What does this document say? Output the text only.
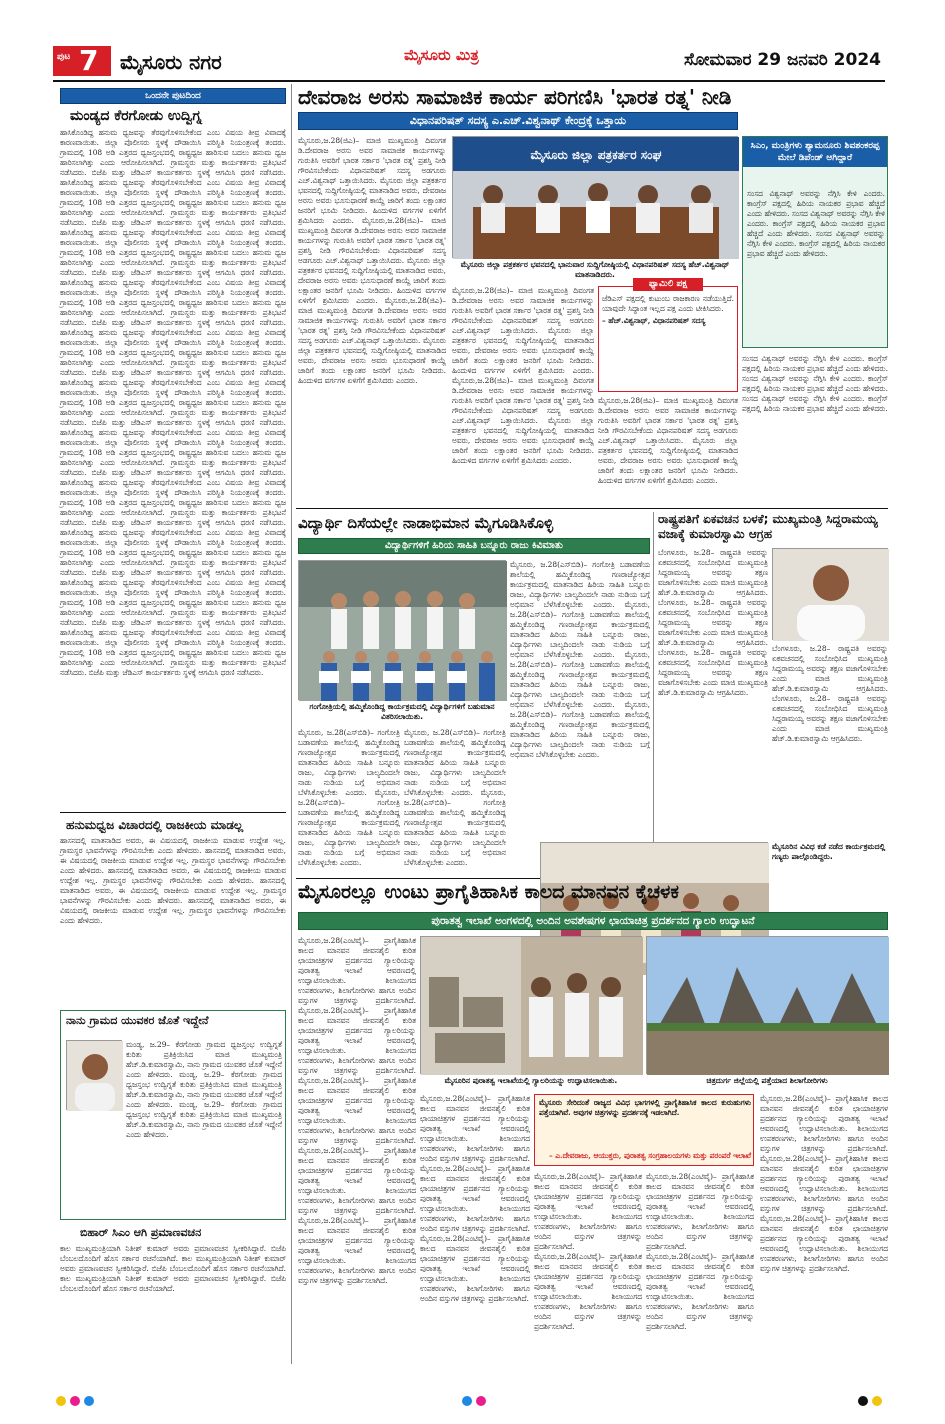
ಪುಟ 7 ಮೈಸೂರು ನಗರ	ಮೈಸೂರು ಮಿತ್ರ	ಸೋಮವಾರ 29 ಜನವರಿ 2024
ಒಂದನೇ ಪುಟದಿಂದ
ಮಂಡ್ಯದ ಕೆರಗೋಡು ಉದ್ವಿಗ್ನ
ಹಾಸಿಕೊಂಡಿದ್ದ ಹನುಮ ಧ್ವಜವನ್ನು ತೆರವುಗೊಳಿಸಬೇಕೆಂದ ಎಂಬ ವಿಷಯ ತೀವ್ರ ವಿವಾದಕ್ಕೆ ಕಾರಣವಾಯಿತು. ಜಿಲ್ಲಾ ಪೊಲೀಸರು ಸ್ಥಳಕ್ಕೆ ದೌಡಾಯಿಸಿ ಪರಿಸ್ಥಿತಿ ನಿಯಂತ್ರಣಕ್ಕೆ ತಂದರು. ಗ್ರಾಮದಲ್ಲಿ 108 ಅಡಿ ಎತ್ತರದ ಧ್ವಜಸ್ತಂಭದಲ್ಲಿ ರಾಷ್ಟ್ರಧ್ವಜ ಹಾರಿಸುವ ಬದಲು ಹನುಮ ಧ್ವಜ ಹಾರಿಸಲಾಗಿತ್ತು ಎಂದು ಆರೋಪಿಸಲಾಗಿದೆ. ಗ್ರಾಮಸ್ಥರು ಮತ್ತು ಕಾರ್ಯಕರ್ತರು ಪ್ರತಿಭಟನೆ ನಡೆಸಿದರು. ಬಿಜೆಪಿ ಮತ್ತು ಜೆಡಿಎಸ್ ಕಾರ್ಯಕರ್ತರು ಸ್ಥಳಕ್ಕೆ ಆಗಮಿಸಿ ಧರಣಿ ನಡೆಸಿದರು. ಹಾಸಿಕೊಂಡಿದ್ದ ಹನುಮ ಧ್ವಜವನ್ನು ತೆರವುಗೊಳಿಸಬೇಕೆಂದ ಎಂಬ ವಿಷಯ ತೀವ್ರ ವಿವಾದಕ್ಕೆ ಕಾರಣವಾಯಿತು. ಜಿಲ್ಲಾ ಪೊಲೀಸರು ಸ್ಥಳಕ್ಕೆ ದೌಡಾಯಿಸಿ ಪರಿಸ್ಥಿತಿ ನಿಯಂತ್ರಣಕ್ಕೆ ತಂದರು. ಗ್ರಾಮದಲ್ಲಿ 108 ಅಡಿ ಎತ್ತರದ ಧ್ವಜಸ್ತಂಭದಲ್ಲಿ ರಾಷ್ಟ್ರಧ್ವಜ ಹಾರಿಸುವ ಬದಲು ಹನುಮ ಧ್ವಜ ಹಾರಿಸಲಾಗಿತ್ತು ಎಂದು ಆರೋಪಿಸಲಾಗಿದೆ. ಗ್ರಾಮಸ್ಥರು ಮತ್ತು ಕಾರ್ಯಕರ್ತರು ಪ್ರತಿಭಟನೆ ನಡೆಸಿದರು. ಬಿಜೆಪಿ ಮತ್ತು ಜೆಡಿಎಸ್ ಕಾರ್ಯಕರ್ತರು ಸ್ಥಳಕ್ಕೆ ಆಗಮಿಸಿ ಧರಣಿ ನಡೆಸಿದರು. ಹಾಸಿಕೊಂಡಿದ್ದ ಹನುಮ ಧ್ವಜವನ್ನು ತೆರವುಗೊಳಿಸಬೇಕೆಂದ ಎಂಬ ವಿಷಯ ತೀವ್ರ ವಿವಾದಕ್ಕೆ ಕಾರಣವಾಯಿತು. ಜಿಲ್ಲಾ ಪೊಲೀಸರು ಸ್ಥಳಕ್ಕೆ ದೌಡಾಯಿಸಿ ಪರಿಸ್ಥಿತಿ ನಿಯಂತ್ರಣಕ್ಕೆ ತಂದರು. ಗ್ರಾಮದಲ್ಲಿ 108 ಅಡಿ ಎತ್ತರದ ಧ್ವಜಸ್ತಂಭದಲ್ಲಿ ರಾಷ್ಟ್ರಧ್ವಜ ಹಾರಿಸುವ ಬದಲು ಹನುಮ ಧ್ವಜ ಹಾರಿಸಲಾಗಿತ್ತು ಎಂದು ಆರೋಪಿಸಲಾಗಿದೆ. ಗ್ರಾಮಸ್ಥರು ಮತ್ತು ಕಾರ್ಯಕರ್ತರು ಪ್ರತಿಭಟನೆ ನಡೆಸಿದರು. ಬಿಜೆಪಿ ಮತ್ತು ಜೆಡಿಎಸ್ ಕಾರ್ಯಕರ್ತರು ಸ್ಥಳಕ್ಕೆ ಆಗಮಿಸಿ ಧರಣಿ ನಡೆಸಿದರು. ಹಾಸಿಕೊಂಡಿದ್ದ ಹನುಮ ಧ್ವಜವನ್ನು ತೆರವುಗೊಳಿಸಬೇಕೆಂದ ಎಂಬ ವಿಷಯ ತೀವ್ರ ವಿವಾದಕ್ಕೆ ಕಾರಣವಾಯಿತು. ಜಿಲ್ಲಾ ಪೊಲೀಸರು ಸ್ಥಳಕ್ಕೆ ದೌಡಾಯಿಸಿ ಪರಿಸ್ಥಿತಿ ನಿಯಂತ್ರಣಕ್ಕೆ ತಂದರು. ಗ್ರಾಮದಲ್ಲಿ 108 ಅಡಿ ಎತ್ತರದ ಧ್ವಜಸ್ತಂಭದಲ್ಲಿ ರಾಷ್ಟ್ರಧ್ವಜ ಹಾರಿಸುವ ಬದಲು ಹನುಮ ಧ್ವಜ ಹಾರಿಸಲಾಗಿತ್ತು ಎಂದು ಆರೋಪಿಸಲಾಗಿದೆ. ಗ್ರಾಮಸ್ಥರು ಮತ್ತು ಕಾರ್ಯಕರ್ತರು ಪ್ರತಿಭಟನೆ ನಡೆಸಿದರು. ಬಿಜೆಪಿ ಮತ್ತು ಜೆಡಿಎಸ್ ಕಾರ್ಯಕರ್ತರು ಸ್ಥಳಕ್ಕೆ ಆಗಮಿಸಿ ಧರಣಿ ನಡೆಸಿದರು. ಹಾಸಿಕೊಂಡಿದ್ದ ಹನುಮ ಧ್ವಜವನ್ನು ತೆರವುಗೊಳಿಸಬೇಕೆಂದ ಎಂಬ ವಿಷಯ ತೀವ್ರ ವಿವಾದಕ್ಕೆ ಕಾರಣವಾಯಿತು. ಜಿಲ್ಲಾ ಪೊಲೀಸರು ಸ್ಥಳಕ್ಕೆ ದೌಡಾಯಿಸಿ ಪರಿಸ್ಥಿತಿ ನಿಯಂತ್ರಣಕ್ಕೆ ತಂದರು. ಗ್ರಾಮದಲ್ಲಿ 108 ಅಡಿ ಎತ್ತರದ ಧ್ವಜಸ್ತಂಭದಲ್ಲಿ ರಾಷ್ಟ್ರಧ್ವಜ ಹಾರಿಸುವ ಬದಲು ಹನುಮ ಧ್ವಜ ಹಾರಿಸಲಾಗಿತ್ತು ಎಂದು ಆರೋಪಿಸಲಾಗಿದೆ. ಗ್ರಾಮಸ್ಥರು ಮತ್ತು ಕಾರ್ಯಕರ್ತರು ಪ್ರತಿಭಟನೆ ನಡೆಸಿದರು. ಬಿಜೆಪಿ ಮತ್ತು ಜೆಡಿಎಸ್ ಕಾರ್ಯಕರ್ತರು ಸ್ಥಳಕ್ಕೆ ಆಗಮಿಸಿ ಧರಣಿ ನಡೆಸಿದರು. ಹಾಸಿಕೊಂಡಿದ್ದ ಹನುಮ ಧ್ವಜವನ್ನು ತೆರವುಗೊಳಿಸಬೇಕೆಂದ ಎಂಬ ವಿಷಯ ತೀವ್ರ ವಿವಾದಕ್ಕೆ ಕಾರಣವಾಯಿತು. ಜಿಲ್ಲಾ ಪೊಲೀಸರು ಸ್ಥಳಕ್ಕೆ ದೌಡಾಯಿಸಿ ಪರಿಸ್ಥಿತಿ ನಿಯಂತ್ರಣಕ್ಕೆ ತಂದರು. ಗ್ರಾಮದಲ್ಲಿ 108 ಅಡಿ ಎತ್ತರದ ಧ್ವಜಸ್ತಂಭದಲ್ಲಿ ರಾಷ್ಟ್ರಧ್ವಜ ಹಾರಿಸುವ ಬದಲು ಹನುಮ ಧ್ವಜ ಹಾರಿಸಲಾಗಿತ್ತು ಎಂದು ಆರೋಪಿಸಲಾಗಿದೆ. ಗ್ರಾಮಸ್ಥರು ಮತ್ತು ಕಾರ್ಯಕರ್ತರು ಪ್ರತಿಭಟನೆ ನಡೆಸಿದರು. ಬಿಜೆಪಿ ಮತ್ತು ಜೆಡಿಎಸ್ ಕಾರ್ಯಕರ್ತರು ಸ್ಥಳಕ್ಕೆ ಆಗಮಿಸಿ ಧರಣಿ ನಡೆಸಿದರು. ಹಾಸಿಕೊಂಡಿದ್ದ ಹನುಮ ಧ್ವಜವನ್ನು ತೆರವುಗೊಳಿಸಬೇಕೆಂದ ಎಂಬ ವಿಷಯ ತೀವ್ರ ವಿವಾದಕ್ಕೆ ಕಾರಣವಾಯಿತು. ಜಿಲ್ಲಾ ಪೊಲೀಸರು ಸ್ಥಳಕ್ಕೆ ದೌಡಾಯಿಸಿ ಪರಿಸ್ಥಿತಿ ನಿಯಂತ್ರಣಕ್ಕೆ ತಂದರು. ಗ್ರಾಮದಲ್ಲಿ 108 ಅಡಿ ಎತ್ತರದ ಧ್ವಜಸ್ತಂಭದಲ್ಲಿ ರಾಷ್ಟ್ರಧ್ವಜ ಹಾರಿಸುವ ಬದಲು ಹನುಮ ಧ್ವಜ ಹಾರಿಸಲಾಗಿತ್ತು ಎಂದು ಆರೋಪಿಸಲಾಗಿದೆ. ಗ್ರಾಮಸ್ಥರು ಮತ್ತು ಕಾರ್ಯಕರ್ತರು ಪ್ರತಿಭಟನೆ ನಡೆಸಿದರು. ಬಿಜೆಪಿ ಮತ್ತು ಜೆಡಿಎಸ್ ಕಾರ್ಯಕರ್ತರು ಸ್ಥಳಕ್ಕೆ ಆಗಮಿಸಿ ಧರಣಿ ನಡೆಸಿದರು. ಹಾಸಿಕೊಂಡಿದ್ದ ಹನುಮ ಧ್ವಜವನ್ನು ತೆರವುಗೊಳಿಸಬೇಕೆಂದ ಎಂಬ ವಿಷಯ ತೀವ್ರ ವಿವಾದಕ್ಕೆ ಕಾರಣವಾಯಿತು. ಜಿಲ್ಲಾ ಪೊಲೀಸರು ಸ್ಥಳಕ್ಕೆ ದೌಡಾಯಿಸಿ ಪರಿಸ್ಥಿತಿ ನಿಯಂತ್ರಣಕ್ಕೆ ತಂದರು. ಗ್ರಾಮದಲ್ಲಿ 108 ಅಡಿ ಎತ್ತರದ ಧ್ವಜಸ್ತಂಭದಲ್ಲಿ ರಾಷ್ಟ್ರಧ್ವಜ ಹಾರಿಸುವ ಬದಲು ಹನುಮ ಧ್ವಜ ಹಾರಿಸಲಾಗಿತ್ತು ಎಂದು ಆರೋಪಿಸಲಾಗಿದೆ. ಗ್ರಾಮಸ್ಥರು ಮತ್ತು ಕಾರ್ಯಕರ್ತರು ಪ್ರತಿಭಟನೆ ನಡೆಸಿದರು. ಬಿಜೆಪಿ ಮತ್ತು ಜೆಡಿಎಸ್ ಕಾರ್ಯಕರ್ತರು ಸ್ಥಳಕ್ಕೆ ಆಗಮಿಸಿ ಧರಣಿ ನಡೆಸಿದರು. ಹಾಸಿಕೊಂಡಿದ್ದ ಹನುಮ ಧ್ವಜವನ್ನು ತೆರವುಗೊಳಿಸಬೇಕೆಂದ ಎಂಬ ವಿಷಯ ತೀವ್ರ ವಿವಾದಕ್ಕೆ ಕಾರಣವಾಯಿತು. ಜಿಲ್ಲಾ ಪೊಲೀಸರು ಸ್ಥಳಕ್ಕೆ ದೌಡಾಯಿಸಿ ಪರಿಸ್ಥಿತಿ ನಿಯಂತ್ರಣಕ್ಕೆ ತಂದರು. ಗ್ರಾಮದಲ್ಲಿ 108 ಅಡಿ ಎತ್ತರದ ಧ್ವಜಸ್ತಂಭದಲ್ಲಿ ರಾಷ್ಟ್ರಧ್ವಜ ಹಾರಿಸುವ ಬದಲು ಹನುಮ ಧ್ವಜ ಹಾರಿಸಲಾಗಿತ್ತು ಎಂದು ಆರೋಪಿಸಲಾಗಿದೆ. ಗ್ರಾಮಸ್ಥರು ಮತ್ತು ಕಾರ್ಯಕರ್ತರು ಪ್ರತಿಭಟನೆ ನಡೆಸಿದರು. ಬಿಜೆಪಿ ಮತ್ತು ಜೆಡಿಎಸ್ ಕಾರ್ಯಕರ್ತರು ಸ್ಥಳಕ್ಕೆ ಆಗಮಿಸಿ ಧರಣಿ ನಡೆಸಿದರು. ಹಾಸಿಕೊಂಡಿದ್ದ ಹನುಮ ಧ್ವಜವನ್ನು ತೆರವುಗೊಳಿಸಬೇಕೆಂದ ಎಂಬ ವಿಷಯ ತೀವ್ರ ವಿವಾದಕ್ಕೆ ಕಾರಣವಾಯಿತು. ಜಿಲ್ಲಾ ಪೊಲೀಸರು ಸ್ಥಳಕ್ಕೆ ದೌಡಾಯಿಸಿ ಪರಿಸ್ಥಿತಿ ನಿಯಂತ್ರಣಕ್ಕೆ ತಂದರು. ಗ್ರಾಮದಲ್ಲಿ 108 ಅಡಿ ಎತ್ತರದ ಧ್ವಜಸ್ತಂಭದಲ್ಲಿ ರಾಷ್ಟ್ರಧ್ವಜ ಹಾರಿಸುವ ಬದಲು ಹನುಮ ಧ್ವಜ ಹಾರಿಸಲಾಗಿತ್ತು ಎಂದು ಆರೋಪಿಸಲಾಗಿದೆ. ಗ್ರಾಮಸ್ಥರು ಮತ್ತು ಕಾರ್ಯಕರ್ತರು ಪ್ರತಿಭಟನೆ ನಡೆಸಿದರು. ಬಿಜೆಪಿ ಮತ್ತು ಜೆಡಿಎಸ್ ಕಾರ್ಯಕರ್ತರು ಸ್ಥಳಕ್ಕೆ ಆಗಮಿಸಿ ಧರಣಿ ನಡೆಸಿದರು. ಹಾಸಿಕೊಂಡಿದ್ದ ಹನುಮ ಧ್ವಜವನ್ನು ತೆರವುಗೊಳಿಸಬೇಕೆಂದ ಎಂಬ ವಿಷಯ ತೀವ್ರ ವಿವಾದಕ್ಕೆ ಕಾರಣವಾಯಿತು. ಜಿಲ್ಲಾ ಪೊಲೀಸರು ಸ್ಥಳಕ್ಕೆ ದೌಡಾಯಿಸಿ ಪರಿಸ್ಥಿತಿ ನಿಯಂತ್ರಣಕ್ಕೆ ತಂದರು. ಗ್ರಾಮದಲ್ಲಿ 108 ಅಡಿ ಎತ್ತರದ ಧ್ವಜಸ್ತಂಭದಲ್ಲಿ ರಾಷ್ಟ್ರಧ್ವಜ ಹಾರಿಸುವ ಬದಲು ಹನುಮ ಧ್ವಜ ಹಾರಿಸಲಾಗಿತ್ತು ಎಂದು ಆರೋಪಿಸಲಾಗಿದೆ. ಗ್ರಾಮಸ್ಥರು ಮತ್ತು ಕಾರ್ಯಕರ್ತರು ಪ್ರತಿಭಟನೆ ನಡೆಸಿದರು. ಬಿಜೆಪಿ ಮತ್ತು ಜೆಡಿಎಸ್ ಕಾರ್ಯಕರ್ತರು ಸ್ಥಳಕ್ಕೆ ಆಗಮಿಸಿ ಧರಣಿ ನಡೆಸಿದರು.
ಹನುಮಧ್ವಜ ವಿಚಾರದಲ್ಲಿ ರಾಜಕೀಯ ಮಾಡಲ್ಲ
ಹಾಸನದಲ್ಲಿ ಮಾತನಾಡಿದ ಅವರು, ಈ ವಿಷಯದಲ್ಲಿ ರಾಜಕೀಯ ಮಾಡುವ ಉದ್ದೇಶ ಇಲ್ಲ. ಗ್ರಾಮಸ್ಥರ ಭಾವನೆಗಳನ್ನು ಗೌರವಿಸಬೇಕು ಎಂದು ಹೇಳಿದರು. ಹಾಸನದಲ್ಲಿ ಮಾತನಾಡಿದ ಅವರು, ಈ ವಿಷಯದಲ್ಲಿ ರಾಜಕೀಯ ಮಾಡುವ ಉದ್ದೇಶ ಇಲ್ಲ. ಗ್ರಾಮಸ್ಥರ ಭಾವನೆಗಳನ್ನು ಗೌರವಿಸಬೇಕು ಎಂದು ಹೇಳಿದರು. ಹಾಸನದಲ್ಲಿ ಮಾತನಾಡಿದ ಅವರು, ಈ ವಿಷಯದಲ್ಲಿ ರಾಜಕೀಯ ಮಾಡುವ ಉದ್ದೇಶ ಇಲ್ಲ. ಗ್ರಾಮಸ್ಥರ ಭಾವನೆಗಳನ್ನು ಗೌರವಿಸಬೇಕು ಎಂದು ಹೇಳಿದರು. ಹಾಸನದಲ್ಲಿ ಮಾತನಾಡಿದ ಅವರು, ಈ ವಿಷಯದಲ್ಲಿ ರಾಜಕೀಯ ಮಾಡುವ ಉದ್ದೇಶ ಇಲ್ಲ. ಗ್ರಾಮಸ್ಥರ ಭಾವನೆಗಳನ್ನು ಗೌರವಿಸಬೇಕು ಎಂದು ಹೇಳಿದರು. ಹಾಸನದಲ್ಲಿ ಮಾತನಾಡಿದ ಅವರು, ಈ ವಿಷಯದಲ್ಲಿ ರಾಜಕೀಯ ಮಾಡುವ ಉದ್ದೇಶ ಇಲ್ಲ. ಗ್ರಾಮಸ್ಥರ ಭಾವನೆಗಳನ್ನು ಗೌರವಿಸಬೇಕು ಎಂದು ಹೇಳಿದರು.
ನಾನು ಗ್ರಾಮದ ಯುವಕರ ಜೊತೆ ಇದ್ದೇನೆ
ಮಂಡ್ಯ, ಜ.29– ಕೆರಗೋಡು ಗ್ರಾಮದ ಧ್ವಜಸ್ತಂಭ ಉದ್ವಿಗ್ನತೆ ಕುರಿತು ಪ್ರತಿಕ್ರಿಯಿಸಿದ ಮಾಜಿ ಮುಖ್ಯಮಂತ್ರಿ ಹೆಚ್.ಡಿ.ಕುಮಾರಸ್ವಾಮಿ, ನಾನು ಗ್ರಾಮದ ಯುವಕರ ಜೊತೆ ಇದ್ದೇನೆ ಎಂದು ಹೇಳಿದರು. ಮಂಡ್ಯ, ಜ.29– ಕೆರಗೋಡು ಗ್ರಾಮದ ಧ್ವಜಸ್ತಂಭ ಉದ್ವಿಗ್ನತೆ ಕುರಿತು ಪ್ರತಿಕ್ರಿಯಿಸಿದ ಮಾಜಿ ಮುಖ್ಯಮಂತ್ರಿ ಹೆಚ್.ಡಿ.ಕುಮಾರಸ್ವಾಮಿ, ನಾನು ಗ್ರಾಮದ ಯುವಕರ ಜೊತೆ ಇದ್ದೇನೆ ಎಂದು ಹೇಳಿದರು. ಮಂಡ್ಯ, ಜ.29– ಕೆರಗೋಡು ಗ್ರಾಮದ ಧ್ವಜಸ್ತಂಭ ಉದ್ವಿಗ್ನತೆ ಕುರಿತು ಪ್ರತಿಕ್ರಿಯಿಸಿದ ಮಾಜಿ ಮುಖ್ಯಮಂತ್ರಿ ಹೆಚ್.ಡಿ.ಕುಮಾರಸ್ವಾಮಿ, ನಾನು ಗ್ರಾಮದ ಯುವಕರ ಜೊತೆ ಇದ್ದೇನೆ ಎಂದು ಹೇಳಿದರು.
ಬಿಹಾರ್ ಸಿಎಂ ಆಗಿ ಪ್ರಮಾಣವಚನ
ಕಾಲ ಮುಖ್ಯಮಂತ್ರಿಯಾಗಿ ನಿತೀಶ್ ಕುಮಾರ್ ಅವರು ಪ್ರಮಾಣವಚನ ಸ್ವೀಕರಿಸಿದ್ದಾರೆ. ಬಿಜೆಪಿ ಬೆಂಬಲದೊಂದಿಗೆ ಹೊಸ ಸರ್ಕಾರ ರಚನೆಯಾಗಿದೆ. ಕಾಲ ಮುಖ್ಯಮಂತ್ರಿಯಾಗಿ ನಿತೀಶ್ ಕುಮಾರ್ ಅವರು ಪ್ರಮಾಣವಚನ ಸ್ವೀಕರಿಸಿದ್ದಾರೆ. ಬಿಜೆಪಿ ಬೆಂಬಲದೊಂದಿಗೆ ಹೊಸ ಸರ್ಕಾರ ರಚನೆಯಾಗಿದೆ. ಕಾಲ ಮುಖ್ಯಮಂತ್ರಿಯಾಗಿ ನಿತೀಶ್ ಕುಮಾರ್ ಅವರು ಪ್ರಮಾಣವಚನ ಸ್ವೀಕರಿಸಿದ್ದಾರೆ. ಬಿಜೆಪಿ ಬೆಂಬಲದೊಂದಿಗೆ ಹೊಸ ಸರ್ಕಾರ ರಚನೆಯಾಗಿದೆ.
ದೇವರಾಜ ಅರಸು ಸಾಮಾಜಿಕ ಕಾರ್ಯ ಪರಿಗಣಿಸಿ 'ಭಾರತ ರತ್ನ' ನೀಡಿ
ವಿಧಾನಪರಿಷತ್ ಸದಸ್ಯ ಎ.ಎಚ್.ವಿಶ್ವನಾಥ್ ಕೇಂದ್ರಕ್ಕೆ ಒತ್ತಾಯ
ಮೈಸೂರು,ಜ.28(ಜಿಎ)– ಮಾಜಿ ಮುಖ್ಯಮಂತ್ರಿ ದಿವಂಗತ ಡಿ.ದೇವರಾಜ ಅರಸು ಅವರ ಸಾಮಾಜಿಕ ಕಾರ್ಯಗಳನ್ನು ಗುರುತಿಸಿ ಅವರಿಗೆ ಭಾರತ ಸರ್ಕಾರ 'ಭಾರತ ರತ್ನ' ಪ್ರಶಸ್ತಿ ನೀಡಿ ಗೌರವಿಸಬೇಕೆಂದು ವಿಧಾನಪರಿಷತ್ ಸದಸ್ಯ ಅಡಗೂರು ಎಚ್.ವಿಶ್ವನಾಥ್ ಒತ್ತಾಯಿಸಿದರು. ಮೈಸೂರು ಜಿಲ್ಲಾ ಪತ್ರಕರ್ತರ ಭವನದಲ್ಲಿ ಸುದ್ದಿಗೋಷ್ಠಿಯಲ್ಲಿ ಮಾತನಾಡಿದ ಅವರು, ದೇವರಾಜ ಅರಸು ಅವರು ಭೂಸುಧಾರಣೆ ಕಾಯ್ದೆ ಜಾರಿಗೆ ತಂದು ಲಕ್ಷಾಂತರ ಜನರಿಗೆ ಭೂಮಿ ನೀಡಿದರು. ಹಿಂದುಳಿದ ವರ್ಗಗಳ ಏಳಿಗೆಗೆ ಶ್ರಮಿಸಿದರು ಎಂದರು. ಮೈಸೂರು,ಜ.28(ಜಿಎ)– ಮಾಜಿ ಮುಖ್ಯಮಂತ್ರಿ ದಿವಂಗತ ಡಿ.ದೇವರಾಜ ಅರಸು ಅವರ ಸಾಮಾಜಿಕ ಕಾರ್ಯಗಳನ್ನು ಗುರುತಿಸಿ ಅವರಿಗೆ ಭಾರತ ಸರ್ಕಾರ 'ಭಾರತ ರತ್ನ' ಪ್ರಶಸ್ತಿ ನೀಡಿ ಗೌರವಿಸಬೇಕೆಂದು ವಿಧಾನಪರಿಷತ್ ಸದಸ್ಯ ಅಡಗೂರು ಎಚ್.ವಿಶ್ವನಾಥ್ ಒತ್ತಾಯಿಸಿದರು. ಮೈಸೂರು ಜಿಲ್ಲಾ ಪತ್ರಕರ್ತರ ಭವನದಲ್ಲಿ ಸುದ್ದಿಗೋಷ್ಠಿಯಲ್ಲಿ ಮಾತನಾಡಿದ ಅವರು, ದೇವರಾಜ ಅರಸು ಅವರು ಭೂಸುಧಾರಣೆ ಕಾಯ್ದೆ ಜಾರಿಗೆ ತಂದು ಲಕ್ಷಾಂತರ ಜನರಿಗೆ ಭೂಮಿ ನೀಡಿದರು. ಹಿಂದುಳಿದ ವರ್ಗಗಳ ಏಳಿಗೆಗೆ ಶ್ರಮಿಸಿದರು ಎಂದರು. ಮೈಸೂರು,ಜ.28(ಜಿಎ)– ಮಾಜಿ ಮುಖ್ಯಮಂತ್ರಿ ದಿವಂಗತ ಡಿ.ದೇವರಾಜ ಅರಸು ಅವರ ಸಾಮಾಜಿಕ ಕಾರ್ಯಗಳನ್ನು ಗುರುತಿಸಿ ಅವರಿಗೆ ಭಾರತ ಸರ್ಕಾರ 'ಭಾರತ ರತ್ನ' ಪ್ರಶಸ್ತಿ ನೀಡಿ ಗೌರವಿಸಬೇಕೆಂದು ವಿಧಾನಪರಿಷತ್ ಸದಸ್ಯ ಅಡಗೂರು ಎಚ್.ವಿಶ್ವನಾಥ್ ಒತ್ತಾಯಿಸಿದರು. ಮೈಸೂರು ಜಿಲ್ಲಾ ಪತ್ರಕರ್ತರ ಭವನದಲ್ಲಿ ಸುದ್ದಿಗೋಷ್ಠಿಯಲ್ಲಿ ಮಾತನಾಡಿದ ಅವರು, ದೇವರಾಜ ಅರಸು ಅವರು ಭೂಸುಧಾರಣೆ ಕಾಯ್ದೆ ಜಾರಿಗೆ ತಂದು ಲಕ್ಷಾಂತರ ಜನರಿಗೆ ಭೂಮಿ ನೀಡಿದರು. ಹಿಂದುಳಿದ ವರ್ಗಗಳ ಏಳಿಗೆಗೆ ಶ್ರಮಿಸಿದರು ಎಂದರು.
ಮೈಸೂರು ಜಿಲ್ಲಾ ಪತ್ರಕರ್ತರ ಸಂಘ
ಮೈಸೂರು ಜಿಲ್ಲಾ ಪತ್ರಕರ್ತರ ಭವನದಲ್ಲಿ ಭಾನುವಾರ ಸುದ್ದಿಗೋಷ್ಠಿಯಲ್ಲಿ ವಿಧಾನಪರಿಷತ್ ಸದಸ್ಯ ಹೆಚ್.ವಿಶ್ವನಾಥ್ ಮಾತನಾಡಿದರು.
ಮೈಸೂರು,ಜ.28(ಜಿಎ)– ಮಾಜಿ ಮುಖ್ಯಮಂತ್ರಿ ದಿವಂಗತ ಡಿ.ದೇವರಾಜ ಅರಸು ಅವರ ಸಾಮಾಜಿಕ ಕಾರ್ಯಗಳನ್ನು ಗುರುತಿಸಿ ಅವರಿಗೆ ಭಾರತ ಸರ್ಕಾರ 'ಭಾರತ ರತ್ನ' ಪ್ರಶಸ್ತಿ ನೀಡಿ ಗೌರವಿಸಬೇಕೆಂದು ವಿಧಾನಪರಿಷತ್ ಸದಸ್ಯ ಅಡಗೂರು ಎಚ್.ವಿಶ್ವನಾಥ್ ಒತ್ತಾಯಿಸಿದರು. ಮೈಸೂರು ಜಿಲ್ಲಾ ಪತ್ರಕರ್ತರ ಭವನದಲ್ಲಿ ಸುದ್ದಿಗೋಷ್ಠಿಯಲ್ಲಿ ಮಾತನಾಡಿದ ಅವರು, ದೇವರಾಜ ಅರಸು ಅವರು ಭೂಸುಧಾರಣೆ ಕಾಯ್ದೆ ಜಾರಿಗೆ ತಂದು ಲಕ್ಷಾಂತರ ಜನರಿಗೆ ಭೂಮಿ ನೀಡಿದರು. ಹಿಂದುಳಿದ ವರ್ಗಗಳ ಏಳಿಗೆಗೆ ಶ್ರಮಿಸಿದರು ಎಂದರು. ಮೈಸೂರು,ಜ.28(ಜಿಎ)– ಮಾಜಿ ಮುಖ್ಯಮಂತ್ರಿ ದಿವಂಗತ ಡಿ.ದೇವರಾಜ ಅರಸು ಅವರ ಸಾಮಾಜಿಕ ಕಾರ್ಯಗಳನ್ನು ಗುರುತಿಸಿ ಅವರಿಗೆ ಭಾರತ ಸರ್ಕಾರ 'ಭಾರತ ರತ್ನ' ಪ್ರಶಸ್ತಿ ನೀಡಿ ಗೌರವಿಸಬೇಕೆಂದು ವಿಧಾನಪರಿಷತ್ ಸದಸ್ಯ ಅಡಗೂರು ಎಚ್.ವಿಶ್ವನಾಥ್ ಒತ್ತಾಯಿಸಿದರು. ಮೈಸೂರು ಜಿಲ್ಲಾ ಪತ್ರಕರ್ತರ ಭವನದಲ್ಲಿ ಸುದ್ದಿಗೋಷ್ಠಿಯಲ್ಲಿ ಮಾತನಾಡಿದ ಅವರು, ದೇವರಾಜ ಅರಸು ಅವರು ಭೂಸುಧಾರಣೆ ಕಾಯ್ದೆ ಜಾರಿಗೆ ತಂದು ಲಕ್ಷಾಂತರ ಜನರಿಗೆ ಭೂಮಿ ನೀಡಿದರು. ಹಿಂದುಳಿದ ವರ್ಗಗಳ ಏಳಿಗೆಗೆ ಶ್ರಮಿಸಿದರು ಎಂದರು.
ಫ್ಯಾಮಿಲಿ ಪಕ್ಷ
ಜೆಡಿಎಸ್ ಪಕ್ಷದಲ್ಲಿ ಕುಟುಂಬ ರಾಜಕಾರಣ ನಡೆಯುತ್ತಿದೆ. ಯಾವುದೇ ಸಿದ್ಧಾಂತ ಇಲ್ಲದ ಪಕ್ಷ ಎಂದು ಟೀಕಿಸಿದರು.
– ಹೆಚ್.ವಿಶ್ವನಾಥ್, ವಿಧಾನಪರಿಷತ್ ಸದಸ್ಯ
ಮೈಸೂರು,ಜ.28(ಜಿಎ)– ಮಾಜಿ ಮುಖ್ಯಮಂತ್ರಿ ದಿವಂಗತ ಡಿ.ದೇವರಾಜ ಅರಸು ಅವರ ಸಾಮಾಜಿಕ ಕಾರ್ಯಗಳನ್ನು ಗುರುತಿಸಿ ಅವರಿಗೆ ಭಾರತ ಸರ್ಕಾರ 'ಭಾರತ ರತ್ನ' ಪ್ರಶಸ್ತಿ ನೀಡಿ ಗೌರವಿಸಬೇಕೆಂದು ವಿಧಾನಪರಿಷತ್ ಸದಸ್ಯ ಅಡಗೂರು ಎಚ್.ವಿಶ್ವನಾಥ್ ಒತ್ತಾಯಿಸಿದರು. ಮೈಸೂರು ಜಿಲ್ಲಾ ಪತ್ರಕರ್ತರ ಭವನದಲ್ಲಿ ಸುದ್ದಿಗೋಷ್ಠಿಯಲ್ಲಿ ಮಾತನಾಡಿದ ಅವರು, ದೇವರಾಜ ಅರಸು ಅವರು ಭೂಸುಧಾರಣೆ ಕಾಯ್ದೆ ಜಾರಿಗೆ ತಂದು ಲಕ್ಷಾಂತರ ಜನರಿಗೆ ಭೂಮಿ ನೀಡಿದರು. ಹಿಂದುಳಿದ ವರ್ಗಗಳ ಏಳಿಗೆಗೆ ಶ್ರಮಿಸಿದರು ಎಂದರು.
ಸಿಎಂ, ಮಂತ್ರಿಗಳು ಶ್ಯಾಮನೂರು ಶಿವಶಂಕರಪ್ಪ ಮೇಲೆ ಡಿಪೆಂಡ್ ಆಗಿದ್ದಾರೆ
ಸಂಸದ ವಿಶ್ವನಾಥ್ ಅವರನ್ನು ನೆಗ್ಗಿಸಿ ಕೇಳಿ ಎಂದರು. ಕಾಂಗ್ರೆಸ್ ಪಕ್ಷದಲ್ಲಿ ಹಿರಿಯ ನಾಯಕರ ಪ್ರಭಾವ ಹೆಚ್ಚಿದೆ ಎಂದು ಹೇಳಿದರು. ಸಂಸದ ವಿಶ್ವನಾಥ್ ಅವರನ್ನು ನೆಗ್ಗಿಸಿ ಕೇಳಿ ಎಂದರು. ಕಾಂಗ್ರೆಸ್ ಪಕ್ಷದಲ್ಲಿ ಹಿರಿಯ ನಾಯಕರ ಪ್ರಭಾವ ಹೆಚ್ಚಿದೆ ಎಂದು ಹೇಳಿದರು. ಸಂಸದ ವಿಶ್ವನಾಥ್ ಅವರನ್ನು ನೆಗ್ಗಿಸಿ ಕೇಳಿ ಎಂದರು. ಕಾಂಗ್ರೆಸ್ ಪಕ್ಷದಲ್ಲಿ ಹಿರಿಯ ನಾಯಕರ ಪ್ರಭಾವ ಹೆಚ್ಚಿದೆ ಎಂದು ಹೇಳಿದರು.
ಸಂಸದ ವಿಶ್ವನಾಥ್ ಅವರನ್ನು ನೆಗ್ಗಿಸಿ ಕೇಳಿ ಎಂದರು. ಕಾಂಗ್ರೆಸ್ ಪಕ್ಷದಲ್ಲಿ ಹಿರಿಯ ನಾಯಕರ ಪ್ರಭಾವ ಹೆಚ್ಚಿದೆ ಎಂದು ಹೇಳಿದರು. ಸಂಸದ ವಿಶ್ವನಾಥ್ ಅವರನ್ನು ನೆಗ್ಗಿಸಿ ಕೇಳಿ ಎಂದರು. ಕಾಂಗ್ರೆಸ್ ಪಕ್ಷದಲ್ಲಿ ಹಿರಿಯ ನಾಯಕರ ಪ್ರಭಾವ ಹೆಚ್ಚಿದೆ ಎಂದು ಹೇಳಿದರು. ಸಂಸದ ವಿಶ್ವನಾಥ್ ಅವರನ್ನು ನೆಗ್ಗಿಸಿ ಕೇಳಿ ಎಂದರು. ಕಾಂಗ್ರೆಸ್ ಪಕ್ಷದಲ್ಲಿ ಹಿರಿಯ ನಾಯಕರ ಪ್ರಭಾವ ಹೆಚ್ಚಿದೆ ಎಂದು ಹೇಳಿದರು.
ವಿದ್ಯಾರ್ಥಿ ದಿಸೆಯಲ್ಲೇ ನಾಡಾಭಿಮಾನ ಮೈಗೂಡಿಸಿಕೊಳ್ಳಿ
ವಿದ್ಯಾರ್ಥಿಗಳಿಗೆ ಹಿರಿಯ ಸಾಹಿತಿ ಬನ್ನೂರು ರಾಜು ಕಿವಿಮಾತು
ಗಂಗೋತ್ರಿಯಲ್ಲಿ ಹಮ್ಮಿಕೊಂಡಿದ್ದ ಕಾರ್ಯಕ್ರಮದಲ್ಲಿ ವಿದ್ಯಾರ್ಥಿಗಳಿಗೆ ಬಹುಮಾನ ವಿತರಿಸಲಾಯಿತು.
ಮೈಸೂರು, ಜ.28(ಎಸ್‌ಬಿಡಿ)– ಗಂಗೋತ್ರಿ ಬಡಾವಣೆಯ ಶಾಲೆಯಲ್ಲಿ ಹಮ್ಮಿಕೊಂಡಿದ್ದ ಗಣರಾಜ್ಯೋತ್ಸವ ಕಾರ್ಯಕ್ರಮದಲ್ಲಿ ಮಾತನಾಡಿದ ಹಿರಿಯ ಸಾಹಿತಿ ಬನ್ನೂರು ರಾಜು, ವಿದ್ಯಾರ್ಥಿಗಳು ಬಾಲ್ಯದಿಂದಲೇ ನಾಡು ನುಡಿಯ ಬಗ್ಗೆ ಅಭಿಮಾನ ಬೆಳೆಸಿಕೊಳ್ಳಬೇಕು ಎಂದರು. ಮೈಸೂರು, ಜ.28(ಎಸ್‌ಬಿಡಿ)– ಗಂಗೋತ್ರಿ ಬಡಾವಣೆಯ ಶಾಲೆಯಲ್ಲಿ ಹಮ್ಮಿಕೊಂಡಿದ್ದ ಗಣರಾಜ್ಯೋತ್ಸವ ಕಾರ್ಯಕ್ರಮದಲ್ಲಿ ಮಾತನಾಡಿದ ಹಿರಿಯ ಸಾಹಿತಿ ಬನ್ನೂರು ರಾಜು, ವಿದ್ಯಾರ್ಥಿಗಳು ಬಾಲ್ಯದಿಂದಲೇ ನಾಡು ನುಡಿಯ ಬಗ್ಗೆ ಅಭಿಮಾನ ಬೆಳೆಸಿಕೊಳ್ಳಬೇಕು ಎಂದರು. ಮೈಸೂರು, ಜ.28(ಎಸ್‌ಬಿಡಿ)– ಗಂಗೋತ್ರಿ ಬಡಾವಣೆಯ ಶಾಲೆಯಲ್ಲಿ ಹಮ್ಮಿಕೊಂಡಿದ್ದ ಗಣರಾಜ್ಯೋತ್ಸವ ಕಾರ್ಯಕ್ರಮದಲ್ಲಿ ಮಾತನಾಡಿದ ಹಿರಿಯ ಸಾಹಿತಿ ಬನ್ನೂರು ರಾಜು, ವಿದ್ಯಾರ್ಥಿಗಳು ಬಾಲ್ಯದಿಂದಲೇ ನಾಡು ನುಡಿಯ ಬಗ್ಗೆ ಅಭಿಮಾನ ಬೆಳೆಸಿಕೊಳ್ಳಬೇಕು ಎಂದರು. ಮೈಸೂರು, ಜ.28(ಎಸ್‌ಬಿಡಿ)– ಗಂಗೋತ್ರಿ ಬಡಾವಣೆಯ ಶಾಲೆಯಲ್ಲಿ ಹಮ್ಮಿಕೊಂಡಿದ್ದ ಗಣರಾಜ್ಯೋತ್ಸವ ಕಾರ್ಯಕ್ರಮದಲ್ಲಿ ಮಾತನಾಡಿದ ಹಿರಿಯ ಸಾಹಿತಿ ಬನ್ನೂರು ರಾಜು, ವಿದ್ಯಾರ್ಥಿಗಳು ಬಾಲ್ಯದಿಂದಲೇ ನಾಡು ನುಡಿಯ ಬಗ್ಗೆ ಅಭಿಮಾನ ಬೆಳೆಸಿಕೊಳ್ಳಬೇಕು ಎಂದರು.
ಮೈಸೂರು, ಜ.28(ಎಸ್‌ಬಿಡಿ)– ಗಂಗೋತ್ರಿ ಬಡಾವಣೆಯ ಶಾಲೆಯಲ್ಲಿ ಹಮ್ಮಿಕೊಂಡಿದ್ದ ಗಣರಾಜ್ಯೋತ್ಸವ ಕಾರ್ಯಕ್ರಮದಲ್ಲಿ ಮಾತನಾಡಿದ ಹಿರಿಯ ಸಾಹಿತಿ ಬನ್ನೂರು ರಾಜು, ವಿದ್ಯಾರ್ಥಿಗಳು ಬಾಲ್ಯದಿಂದಲೇ ನಾಡು ನುಡಿಯ ಬಗ್ಗೆ ಅಭಿಮಾನ ಬೆಳೆಸಿಕೊಳ್ಳಬೇಕು ಎಂದರು. ಮೈಸೂರು, ಜ.28(ಎಸ್‌ಬಿಡಿ)– ಗಂಗೋತ್ರಿ ಬಡಾವಣೆಯ ಶಾಲೆಯಲ್ಲಿ ಹಮ್ಮಿಕೊಂಡಿದ್ದ ಗಣರಾಜ್ಯೋತ್ಸವ ಕಾರ್ಯಕ್ರಮದಲ್ಲಿ ಮಾತನಾಡಿದ ಹಿರಿಯ ಸಾಹಿತಿ ಬನ್ನೂರು ರಾಜು, ವಿದ್ಯಾರ್ಥಿಗಳು ಬಾಲ್ಯದಿಂದಲೇ ನಾಡು ನುಡಿಯ ಬಗ್ಗೆ ಅಭಿಮಾನ ಬೆಳೆಸಿಕೊಳ್ಳಬೇಕು ಎಂದರು.
ಮೈಸೂರು, ಜ.28(ಎಸ್‌ಬಿಡಿ)– ಗಂಗೋತ್ರಿ ಬಡಾವಣೆಯ ಶಾಲೆಯಲ್ಲಿ ಹಮ್ಮಿಕೊಂಡಿದ್ದ ಗಣರಾಜ್ಯೋತ್ಸವ ಕಾರ್ಯಕ್ರಮದಲ್ಲಿ ಮಾತನಾಡಿದ ಹಿರಿಯ ಸಾಹಿತಿ ಬನ್ನೂರು ರಾಜು, ವಿದ್ಯಾರ್ಥಿಗಳು ಬಾಲ್ಯದಿಂದಲೇ ನಾಡು ನುಡಿಯ ಬಗ್ಗೆ ಅಭಿಮಾನ ಬೆಳೆಸಿಕೊಳ್ಳಬೇಕು ಎಂದರು. ಮೈಸೂರು, ಜ.28(ಎಸ್‌ಬಿಡಿ)– ಗಂಗೋತ್ರಿ ಬಡಾವಣೆಯ ಶಾಲೆಯಲ್ಲಿ ಹಮ್ಮಿಕೊಂಡಿದ್ದ ಗಣರಾಜ್ಯೋತ್ಸವ ಕಾರ್ಯಕ್ರಮದಲ್ಲಿ ಮಾತನಾಡಿದ ಹಿರಿಯ ಸಾಹಿತಿ ಬನ್ನೂರು ರಾಜು, ವಿದ್ಯಾರ್ಥಿಗಳು ಬಾಲ್ಯದಿಂದಲೇ ನಾಡು ನುಡಿಯ ಬಗ್ಗೆ ಅಭಿಮಾನ ಬೆಳೆಸಿಕೊಳ್ಳಬೇಕು ಎಂದರು.
ರಾಷ್ಟ್ರಪತಿಗೆ ಏಕವಚನ ಬಳಕೆ; ಮುಖ್ಯಮಂತ್ರಿ ಸಿದ್ದರಾಮಯ್ಯ ವಜಾಕ್ಕೆ ಕುಮಾರಸ್ವಾಮಿ ಆಗ್ರಹ
ಬೆಂಗಳೂರು, ಜ.28– ರಾಷ್ಟ್ರಪತಿ ಅವರನ್ನು ಏಕವಚನದಲ್ಲಿ ಸಂಬೋಧಿಸಿದ ಮುಖ್ಯಮಂತ್ರಿ ಸಿದ್ದರಾಮಯ್ಯ ಅವರನ್ನು ತಕ್ಷಣ ವಜಾಗೊಳಿಸಬೇಕು ಎಂದು ಮಾಜಿ ಮುಖ್ಯಮಂತ್ರಿ ಹೆಚ್.ಡಿ.ಕುಮಾರಸ್ವಾಮಿ ಆಗ್ರಹಿಸಿದರು. ಬೆಂಗಳೂರು, ಜ.28– ರಾಷ್ಟ್ರಪತಿ ಅವರನ್ನು ಏಕವಚನದಲ್ಲಿ ಸಂಬೋಧಿಸಿದ ಮುಖ್ಯಮಂತ್ರಿ ಸಿದ್ದರಾಮಯ್ಯ ಅವರನ್ನು ತಕ್ಷಣ ವಜಾಗೊಳಿಸಬೇಕು ಎಂದು ಮಾಜಿ ಮುಖ್ಯಮಂತ್ರಿ ಹೆಚ್.ಡಿ.ಕುಮಾರಸ್ವಾಮಿ ಆಗ್ರಹಿಸಿದರು. ಬೆಂಗಳೂರು, ಜ.28– ರಾಷ್ಟ್ರಪತಿ ಅವರನ್ನು ಏಕವಚನದಲ್ಲಿ ಸಂಬೋಧಿಸಿದ ಮುಖ್ಯಮಂತ್ರಿ ಸಿದ್ದರಾಮಯ್ಯ ಅವರನ್ನು ತಕ್ಷಣ ವಜಾಗೊಳಿಸಬೇಕು ಎಂದು ಮಾಜಿ ಮುಖ್ಯಮಂತ್ರಿ ಹೆಚ್.ಡಿ.ಕುಮಾರಸ್ವಾಮಿ ಆಗ್ರಹಿಸಿದರು.
ಬೆಂಗಳೂರು, ಜ.28– ರಾಷ್ಟ್ರಪತಿ ಅವರನ್ನು ಏಕವಚನದಲ್ಲಿ ಸಂಬೋಧಿಸಿದ ಮುಖ್ಯಮಂತ್ರಿ ಸಿದ್ದರಾಮಯ್ಯ ಅವರನ್ನು ತಕ್ಷಣ ವಜಾಗೊಳಿಸಬೇಕು ಎಂದು ಮಾಜಿ ಮುಖ್ಯಮಂತ್ರಿ ಹೆಚ್.ಡಿ.ಕುಮಾರಸ್ವಾಮಿ ಆಗ್ರಹಿಸಿದರು. ಬೆಂಗಳೂರು, ಜ.28– ರಾಷ್ಟ್ರಪತಿ ಅವರನ್ನು ಏಕವಚನದಲ್ಲಿ ಸಂಬೋಧಿಸಿದ ಮುಖ್ಯಮಂತ್ರಿ ಸಿದ್ದರಾಮಯ್ಯ ಅವರನ್ನು ತಕ್ಷಣ ವಜಾಗೊಳಿಸಬೇಕು ಎಂದು ಮಾಜಿ ಮುಖ್ಯಮಂತ್ರಿ ಹೆಚ್.ಡಿ.ಕುಮಾರಸ್ವಾಮಿ ಆಗ್ರಹಿಸಿದರು.
ಮೈಸೂರಿನ ವಿವಿಧ ಕಡೆ ನಡೆದ ಕಾರ್ಯಕ್ರಮದಲ್ಲಿ ಗಣ್ಯರು ಪಾಲ್ಗೊಂಡಿದ್ದರು.
ಮೈಸೂರಲ್ಲೂ ಉಂಟು ಪ್ರಾಗೈತಿಹಾಸಿಕ ಕಾಲದ ಮಾನವನ ಕೈಚಳಕ
ಪುರಾತತ್ವ ಇಲಾಖೆ ಅಂಗಳದಲ್ಲಿ ಅಂದಿನ ಅವಶೇಷಗಳ ಛಾಯಾಚಿತ್ರ ಪ್ರದರ್ಶನದ ಗ್ಯಾಲರಿ ಉದ್ಘಾಟನೆ
ಮೈಸೂರು,ಜ.28(ಎಂಟಿವೈ)– ಪ್ರಾಗೈತಿಹಾಸಿಕ ಕಾಲದ ಮಾನವನ ಜೀವನಶೈಲಿ ಕುರಿತ ಛಾಯಾಚಿತ್ರಗಳ ಪ್ರದರ್ಶನದ ಗ್ಯಾಲರಿಯನ್ನು ಪುರಾತತ್ವ ಇಲಾಖೆ ಆವರಣದಲ್ಲಿ ಉದ್ಘಾಟಿಸಲಾಯಿತು. ಶಿಲಾಯುಗದ ಉಪಕರಣಗಳು, ಶಿಲಾಗೋರಿಗಳು ಹಾಗೂ ಅಂದಿನ ವಸ್ತುಗಳ ಚಿತ್ರಗಳನ್ನು ಪ್ರದರ್ಶಿಸಲಾಗಿದೆ. ಮೈಸೂರು,ಜ.28(ಎಂಟಿವೈ)– ಪ್ರಾಗೈತಿಹಾಸಿಕ ಕಾಲದ ಮಾನವನ ಜೀವನಶೈಲಿ ಕುರಿತ ಛಾಯಾಚಿತ್ರಗಳ ಪ್ರದರ್ಶನದ ಗ್ಯಾಲರಿಯನ್ನು ಪುರಾತತ್ವ ಇಲಾಖೆ ಆವರಣದಲ್ಲಿ ಉದ್ಘಾಟಿಸಲಾಯಿತು. ಶಿಲಾಯುಗದ ಉಪಕರಣಗಳು, ಶಿಲಾಗೋರಿಗಳು ಹಾಗೂ ಅಂದಿನ ವಸ್ತುಗಳ ಚಿತ್ರಗಳನ್ನು ಪ್ರದರ್ಶಿಸಲಾಗಿದೆ. ಮೈಸೂರು,ಜ.28(ಎಂಟಿವೈ)– ಪ್ರಾಗೈತಿಹಾಸಿಕ ಕಾಲದ ಮಾನವನ ಜೀವನಶೈಲಿ ಕುರಿತ ಛಾಯಾಚಿತ್ರಗಳ ಪ್ರದರ್ಶನದ ಗ್ಯಾಲರಿಯನ್ನು ಪುರಾತತ್ವ ಇಲಾಖೆ ಆವರಣದಲ್ಲಿ ಉದ್ಘಾಟಿಸಲಾಯಿತು. ಶಿಲಾಯುಗದ ಉಪಕರಣಗಳು, ಶಿಲಾಗೋರಿಗಳು ಹಾಗೂ ಅಂದಿನ ವಸ್ತುಗಳ ಚಿತ್ರಗಳನ್ನು ಪ್ರದರ್ಶಿಸಲಾಗಿದೆ. ಮೈಸೂರು,ಜ.28(ಎಂಟಿವೈ)– ಪ್ರಾಗೈತಿಹಾಸಿಕ ಕಾಲದ ಮಾನವನ ಜೀವನಶೈಲಿ ಕುರಿತ ಛಾಯಾಚಿತ್ರಗಳ ಪ್ರದರ್ಶನದ ಗ್ಯಾಲರಿಯನ್ನು ಪುರಾತತ್ವ ಇಲಾಖೆ ಆವರಣದಲ್ಲಿ ಉದ್ಘಾಟಿಸಲಾಯಿತು. ಶಿಲಾಯುಗದ ಉಪಕರಣಗಳು, ಶಿಲಾಗೋರಿಗಳು ಹಾಗೂ ಅಂದಿನ ವಸ್ತುಗಳ ಚಿತ್ರಗಳನ್ನು ಪ್ರದರ್ಶಿಸಲಾಗಿದೆ. ಮೈಸೂರು,ಜ.28(ಎಂಟಿವೈ)– ಪ್ರಾಗೈತಿಹಾಸಿಕ ಕಾಲದ ಮಾನವನ ಜೀವನಶೈಲಿ ಕುರಿತ ಛಾಯಾಚಿತ್ರಗಳ ಪ್ರದರ್ಶನದ ಗ್ಯಾಲರಿಯನ್ನು ಪುರಾತತ್ವ ಇಲಾಖೆ ಆವರಣದಲ್ಲಿ ಉದ್ಘಾಟಿಸಲಾಯಿತು. ಶಿಲಾಯುಗದ ಉಪಕರಣಗಳು, ಶಿಲಾಗೋರಿಗಳು ಹಾಗೂ ಅಂದಿನ ವಸ್ತುಗಳ ಚಿತ್ರಗಳನ್ನು ಪ್ರದರ್ಶಿಸಲಾಗಿದೆ.
ಮೈಸೂರಿನ ಪುರಾತತ್ವ ಇಲಾಖೆಯಲ್ಲಿ ಗ್ಯಾಲರಿಯನ್ನು ಉದ್ಘಾಟಿಸಲಾಯಿತು.	ಚಿತ್ರದುರ್ಗ ಜಿಲ್ಲೆಯಲ್ಲಿ ಪತ್ತೆಯಾದ ಶಿಲಾಗೋರಿಗಳು
ಮೈಸೂರು ಸೇರಿದಂತೆ ರಾಜ್ಯದ ವಿವಿಧ ಭಾಗಗಳಲ್ಲಿ ಪ್ರಾಗೈತಿಹಾಸಿಕ ಕಾಲದ ಕುರುಹುಗಳು ಪತ್ತೆಯಾಗಿವೆ. ಅವುಗಳ ಚಿತ್ರಗಳನ್ನು ಪ್ರದರ್ಶನಕ್ಕೆ ಇಡಲಾಗಿದೆ.
– ಎ.ದೇವರಾಜು, ಆಯುಕ್ತರು, ಪುರಾತತ್ವ ಸಂಗ್ರಹಾಲಯಗಳು ಮತ್ತು ಪರಂಪರೆ ಇಲಾಖೆ
ಮೈಸೂರು,ಜ.28(ಎಂಟಿವೈ)– ಪ್ರಾಗೈತಿಹಾಸಿಕ ಕಾಲದ ಮಾನವನ ಜೀವನಶೈಲಿ ಕುರಿತ ಛಾಯಾಚಿತ್ರಗಳ ಪ್ರದರ್ಶನದ ಗ್ಯಾಲರಿಯನ್ನು ಪುರಾತತ್ವ ಇಲಾಖೆ ಆವರಣದಲ್ಲಿ ಉದ್ಘಾಟಿಸಲಾಯಿತು. ಶಿಲಾಯುಗದ ಉಪಕರಣಗಳು, ಶಿಲಾಗೋರಿಗಳು ಹಾಗೂ ಅಂದಿನ ವಸ್ತುಗಳ ಚಿತ್ರಗಳನ್ನು ಪ್ರದರ್ಶಿಸಲಾಗಿದೆ. ಮೈಸೂರು,ಜ.28(ಎಂಟಿವೈ)– ಪ್ರಾಗೈತಿಹಾಸಿಕ ಕಾಲದ ಮಾನವನ ಜೀವನಶೈಲಿ ಕುರಿತ ಛಾಯಾಚಿತ್ರಗಳ ಪ್ರದರ್ಶನದ ಗ್ಯಾಲರಿಯನ್ನು ಪುರಾತತ್ವ ಇಲಾಖೆ ಆವರಣದಲ್ಲಿ ಉದ್ಘಾಟಿಸಲಾಯಿತು. ಶಿಲಾಯುಗದ ಉಪಕರಣಗಳು, ಶಿಲಾಗೋರಿಗಳು ಹಾಗೂ ಅಂದಿನ ವಸ್ತುಗಳ ಚಿತ್ರಗಳನ್ನು ಪ್ರದರ್ಶಿಸಲಾಗಿದೆ. ಮೈಸೂರು,ಜ.28(ಎಂಟಿವೈ)– ಪ್ರಾಗೈತಿಹಾಸಿಕ ಕಾಲದ ಮಾನವನ ಜೀವನಶೈಲಿ ಕುರಿತ ಛಾಯಾಚಿತ್ರಗಳ ಪ್ರದರ್ಶನದ ಗ್ಯಾಲರಿಯನ್ನು ಪುರಾತತ್ವ ಇಲಾಖೆ ಆವರಣದಲ್ಲಿ ಉದ್ಘಾಟಿಸಲಾಯಿತು. ಶಿಲಾಯುಗದ ಉಪಕರಣಗಳು, ಶಿಲಾಗೋರಿಗಳು ಹಾಗೂ ಅಂದಿನ ವಸ್ತುಗಳ ಚಿತ್ರಗಳನ್ನು ಪ್ರದರ್ಶಿಸಲಾಗಿದೆ.
ಮೈಸೂರು,ಜ.28(ಎಂಟಿವೈ)– ಪ್ರಾಗೈತಿಹಾಸಿಕ ಕಾಲದ ಮಾನವನ ಜೀವನಶೈಲಿ ಕುರಿತ ಛಾಯಾಚಿತ್ರಗಳ ಪ್ರದರ್ಶನದ ಗ್ಯಾಲರಿಯನ್ನು ಪುರಾತತ್ವ ಇಲಾಖೆ ಆವರಣದಲ್ಲಿ ಉದ್ಘಾಟಿಸಲಾಯಿತು. ಶಿಲಾಯುಗದ ಉಪಕರಣಗಳು, ಶಿಲಾಗೋರಿಗಳು ಹಾಗೂ ಅಂದಿನ ವಸ್ತುಗಳ ಚಿತ್ರಗಳನ್ನು ಪ್ರದರ್ಶಿಸಲಾಗಿದೆ. ಮೈಸೂರು,ಜ.28(ಎಂಟಿವೈ)– ಪ್ರಾಗೈತಿಹಾಸಿಕ ಕಾಲದ ಮಾನವನ ಜೀವನಶೈಲಿ ಕುರಿತ ಛಾಯಾಚಿತ್ರಗಳ ಪ್ರದರ್ಶನದ ಗ್ಯಾಲರಿಯನ್ನು ಪುರಾತತ್ವ ಇಲಾಖೆ ಆವರಣದಲ್ಲಿ ಉದ್ಘಾಟಿಸಲಾಯಿತು. ಶಿಲಾಯುಗದ ಉಪಕರಣಗಳು, ಶಿಲಾಗೋರಿಗಳು ಹಾಗೂ ಅಂದಿನ ವಸ್ತುಗಳ ಚಿತ್ರಗಳನ್ನು ಪ್ರದರ್ಶಿಸಲಾಗಿದೆ.
ಮೈಸೂರು,ಜ.28(ಎಂಟಿವೈ)– ಪ್ರಾಗೈತಿಹಾಸಿಕ ಕಾಲದ ಮಾನವನ ಜೀವನಶೈಲಿ ಕುರಿತ ಛಾಯಾಚಿತ್ರಗಳ ಪ್ರದರ್ಶನದ ಗ್ಯಾಲರಿಯನ್ನು ಪುರಾತತ್ವ ಇಲಾಖೆ ಆವರಣದಲ್ಲಿ ಉದ್ಘಾಟಿಸಲಾಯಿತು. ಶಿಲಾಯುಗದ ಉಪಕರಣಗಳು, ಶಿಲಾಗೋರಿಗಳು ಹಾಗೂ ಅಂದಿನ ವಸ್ತುಗಳ ಚಿತ್ರಗಳನ್ನು ಪ್ರದರ್ಶಿಸಲಾಗಿದೆ. ಮೈಸೂರು,ಜ.28(ಎಂಟಿವೈ)– ಪ್ರಾಗೈತಿಹಾಸಿಕ ಕಾಲದ ಮಾನವನ ಜೀವನಶೈಲಿ ಕುರಿತ ಛಾಯಾಚಿತ್ರಗಳ ಪ್ರದರ್ಶನದ ಗ್ಯಾಲರಿಯನ್ನು ಪುರಾತತ್ವ ಇಲಾಖೆ ಆವರಣದಲ್ಲಿ ಉದ್ಘಾಟಿಸಲಾಯಿತು. ಶಿಲಾಯುಗದ ಉಪಕರಣಗಳು, ಶಿಲಾಗೋರಿಗಳು ಹಾಗೂ ಅಂದಿನ ವಸ್ತುಗಳ ಚಿತ್ರಗಳನ್ನು ಪ್ರದರ್ಶಿಸಲಾಗಿದೆ.
ಮೈಸೂರು,ಜ.28(ಎಂಟಿವೈ)– ಪ್ರಾಗೈತಿಹಾಸಿಕ ಕಾಲದ ಮಾನವನ ಜೀವನಶೈಲಿ ಕುರಿತ ಛಾಯಾಚಿತ್ರಗಳ ಪ್ರದರ್ಶನದ ಗ್ಯಾಲರಿಯನ್ನು ಪುರಾತತ್ವ ಇಲಾಖೆ ಆವರಣದಲ್ಲಿ ಉದ್ಘಾಟಿಸಲಾಯಿತು. ಶಿಲಾಯುಗದ ಉಪಕರಣಗಳು, ಶಿಲಾಗೋರಿಗಳು ಹಾಗೂ ಅಂದಿನ ವಸ್ತುಗಳ ಚಿತ್ರಗಳನ್ನು ಪ್ರದರ್ಶಿಸಲಾಗಿದೆ. ಮೈಸೂರು,ಜ.28(ಎಂಟಿವೈ)– ಪ್ರಾಗೈತಿಹಾಸಿಕ ಕಾಲದ ಮಾನವನ ಜೀವನಶೈಲಿ ಕುರಿತ ಛಾಯಾಚಿತ್ರಗಳ ಪ್ರದರ್ಶನದ ಗ್ಯಾಲರಿಯನ್ನು ಪುರಾತತ್ವ ಇಲಾಖೆ ಆವರಣದಲ್ಲಿ ಉದ್ಘಾಟಿಸಲಾಯಿತು. ಶಿಲಾಯುಗದ ಉಪಕರಣಗಳು, ಶಿಲಾಗೋರಿಗಳು ಹಾಗೂ ಅಂದಿನ ವಸ್ತುಗಳ ಚಿತ್ರಗಳನ್ನು ಪ್ರದರ್ಶಿಸಲಾಗಿದೆ. ಮೈಸೂರು,ಜ.28(ಎಂಟಿವೈ)– ಪ್ರಾಗೈತಿಹಾಸಿಕ ಕಾಲದ ಮಾನವನ ಜೀವನಶೈಲಿ ಕುರಿತ ಛಾಯಾಚಿತ್ರಗಳ ಪ್ರದರ್ಶನದ ಗ್ಯಾಲರಿಯನ್ನು ಪುರಾತತ್ವ ಇಲಾಖೆ ಆವರಣದಲ್ಲಿ ಉದ್ಘಾಟಿಸಲಾಯಿತು. ಶಿಲಾಯುಗದ ಉಪಕರಣಗಳು, ಶಿಲಾಗೋರಿಗಳು ಹಾಗೂ ಅಂದಿನ ವಸ್ತುಗಳ ಚಿತ್ರಗಳನ್ನು ಪ್ರದರ್ಶಿಸಲಾಗಿದೆ.
